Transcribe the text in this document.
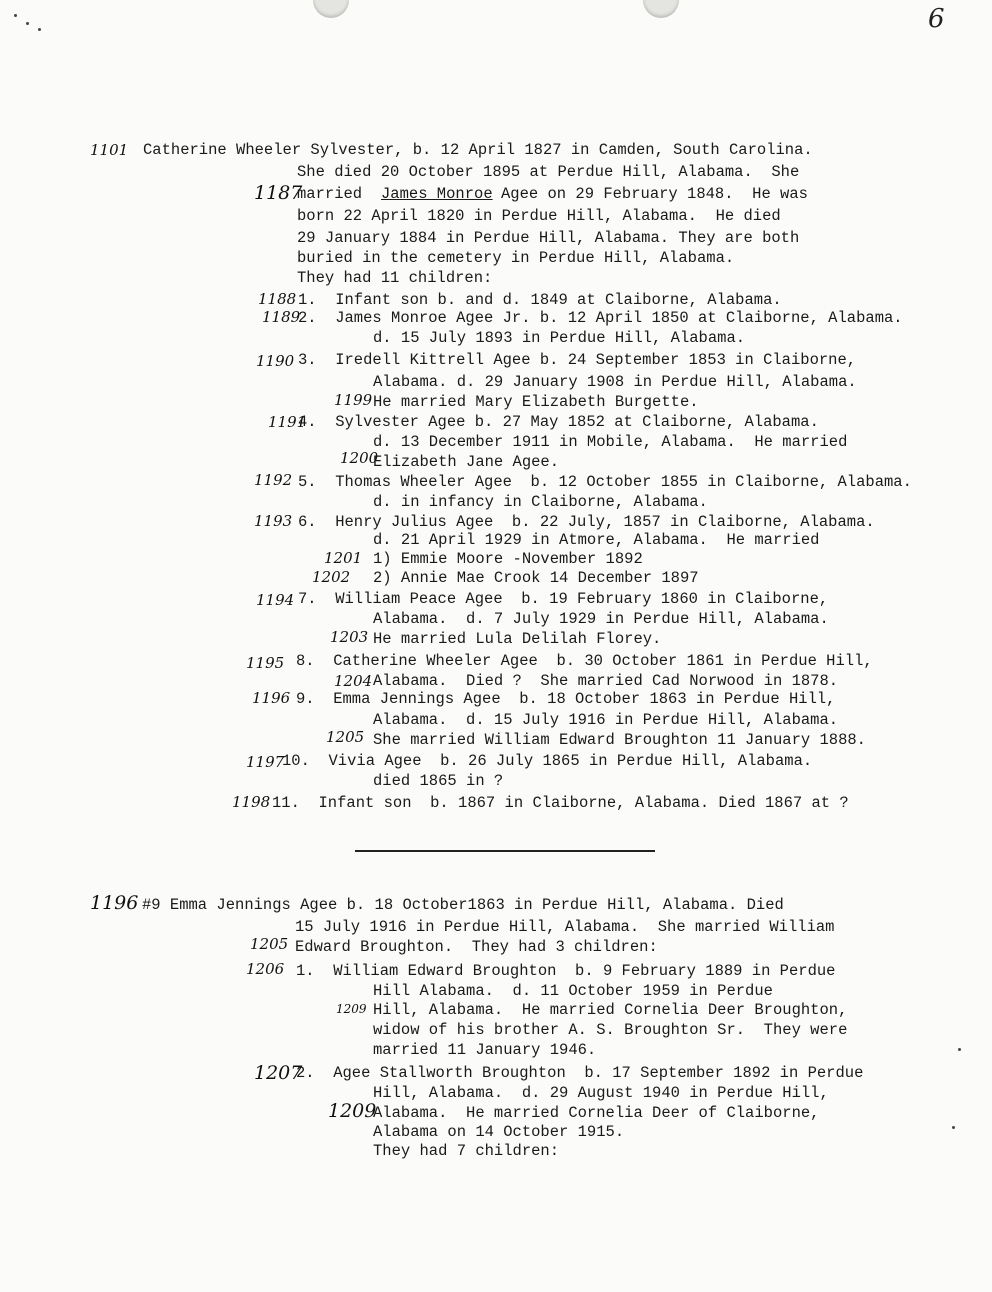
6
1101 Catherine Wheeler Sylvester, b. 12 April 1827 in Camden, South Carolina.
She died 20 October 1895 at Perdue Hill, Alabama.  She
1187
married James Monroe Agee on 29 February 1848.  He was
born 22 April 1820 in Perdue Hill, Alabama.  He died
29 January 1884 in Perdue Hill, Alabama. They are both
buried in the cemetery in Perdue Hill, Alabama.
They had 11 children:
1188 1.  Infant son b. and d. 1849 at Claiborne, Alabama.
1189
2.  James Monroe Agee Jr. b. 12 April 1850 at Claiborne, Alabama.
d. 15 July 1893 in Perdue Hill, Alabama.
1190 3.  Iredell Kittrell Agee b. 24 September 1853 in Claiborne,
Alabama. d. 29 January 1908 in Perdue Hill, Alabama.
1199 He married Mary Elizabeth Burgette.
1191
4.  Sylvester Agee b. 27 May 1852 at Claiborne, Alabama.
d. 13 December 1911 in Mobile, Alabama.  He married
1200
Elizabeth Jane Agee.
1192 5.  Thomas Wheeler Agee  b. 12 October 1855 in Claiborne, Alabama.
d. in infancy in Claiborne, Alabama.
1193 6.  Henry Julius Agee  b. 22 July, 1857 in Claiborne, Alabama.
d. 21 April 1929 in Atmore, Alabama.  He married
1201 1) Emmie Moore -November 1892
1202 2) Annie Mae Crook 14 December 1897
1194 7.  William Peace Agee  b. 19 February 1860 in Claiborne,
Alabama.  d. 7 July 1929 in Perdue Hill, Alabama.
1203 He married Lula Delilah Florey.
1195 8.  Catherine Wheeler Agee  b. 30 October 1861 in Perdue Hill,
1204 Alabama.  Died ?  She married Cad Norwood in 1878.
1196 9.  Emma Jennings Agee  b. 18 October 1863 in Perdue Hill,
Alabama.  d. 15 July 1916 in Perdue Hill, Alabama.
1205 She married William Edward Broughton 11 January 1888.
1197
10.  Vivia Agee  b. 26 July 1865 in Perdue Hill, Alabama.
died 1865 in ?
1198 11.  Infant son  b. 1867 in Claiborne, Alabama. Died 1867 at ?
1196 #9 Emma Jennings Agee b. 18 October1863 in Perdue Hill, Alabama. Died
15 July 1916 in Perdue Hill, Alabama.  She married William
1205 Edward Broughton.  They had 3 children:
1206 1.  William Edward Broughton  b. 9 February 1889 in Perdue
Hill Alabama.  d. 11 October 1959 in Perdue
1209 Hill, Alabama.  He married Cornelia Deer Broughton,
widow of his brother A. S. Broughton Sr.  They were
married 11 January 1946.
1207
2.  Agee Stallworth Broughton  b. 17 September 1892 in Perdue
Hill, Alabama.  d. 29 August 1940 in Perdue Hill,
1209
Alabama.  He married Cornelia Deer of Claiborne,
Alabama on 14 October 1915.
They had 7 children:
